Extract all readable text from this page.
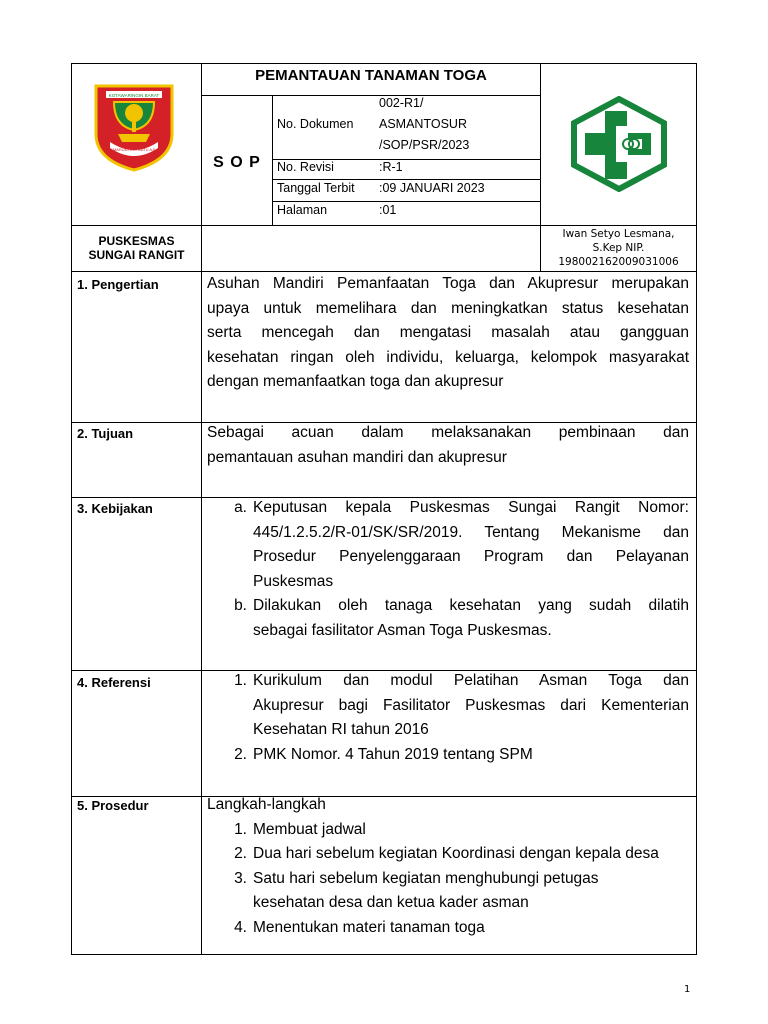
PEMANTAUAN TANAMAN TOGA
S O P
KOTAWARINGIN BARAT
MARUNTING BATU AJI
002-R1/
No. Dokumen ASMANTOSUR
/SOP/PSR/2023
No. Revisi	:R-1
Tanggal Terbit :09 JANUARI 2023
Halaman	:01
PUSKESMAS
SUNGAI RANGIT
Iwan Setyo Lesmana,
S.Kep NIP.
198002162009031006
1. Pengertian	Asuhan Mandiri Pemanfaatan Toga dan Akupresur merupakan
upaya untuk memelihara dan meningkatkan status kesehatan
serta mencegah dan mengatasi masalah atau gangguan
kesehatan ringan oleh individu, keluarga, kelompok masyarakat
dengan memanfaatkan toga dan akupresur
2. Tujuan	Sebagai acuan dalam melaksanakan pembinaan dan
pemantauan asuhan mandiri dan akupresur
3. Kebijakan	a. Keputusan kepala Puskesmas Sungai Rangit Nomor:
445/1.2.5.2/R-01/SK/SR/2019. Tentang Mekanisme dan
Prosedur Penyelenggaraan Program dan Pelayanan
Puskesmas
b. Dilakukan oleh tanaga kesehatan yang sudah dilatih
sebagai fasilitator Asman Toga Puskesmas.
4. Referensi	1. Kurikulum dan modul Pelatihan Asman Toga dan
Akupresur bagi Fasilitator Puskesmas dari Kementerian
Kesehatan RI tahun 2016
2. PMK Nomor. 4 Tahun 2019 tentang SPM
5. Prosedur	Langkah-langkah
1. Membuat jadwal
2. Dua hari sebelum kegiatan Koordinasi dengan kepala desa
3. Satu hari sebelum kegiatan menghubungi petugas
kesehatan desa dan ketua kader asman
4. Menentukan materi tanaman toga
1
